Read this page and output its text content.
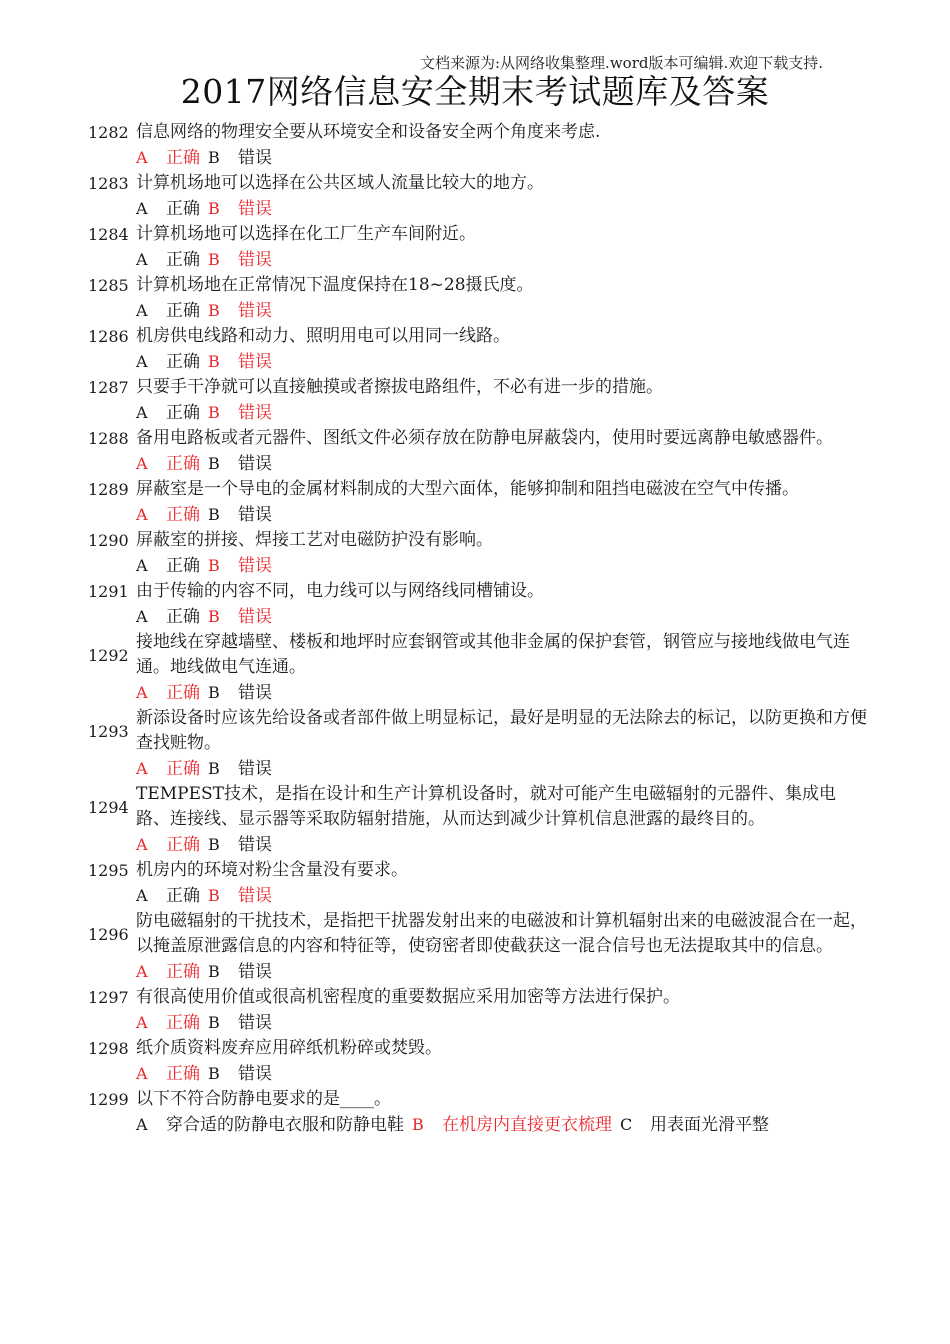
文档来源为:从网络收集整理.word版本可编辑.欢迎下载支持.
2017网络信息安全期末考试题库及答案
1282 信息网络的物理安全要从环境安全和设备安全两个角度来考虑.
A 正确 B 错误
1283 计算机场地可以选择在公共区域人流量比较大的地方。
A 正确 B 错误
1284 计算机场地可以选择在化工厂生产车间附近。
A 正确 B 错误
1285 计算机场地在正常情况下温度保持在18~28摄氏度。
A 正确 B 错误
1286 机房供电线路和动力、照明用电可以用同一线路。
A 正确 B 错误
1287 只要手干净就可以直接触摸或者擦拔电路组件，不必有进一步的措施。
A 正确 B 错误
1288 备用电路板或者元器件、图纸文件必须存放在防静电屏蔽袋内，使用时要远离静电敏感器件。
A 正确 B 错误
1289 屏蔽室是一个导电的金属材料制成的大型六面体，能够抑制和阻挡电磁波在空气中传播。
A 正确 B 错误
1290 屏蔽室的拼接、焊接工艺对电磁防护没有影响。
A 正确 B 错误
1291 由于传输的内容不同，电力线可以与网络线同槽铺设。
A 正确 B 错误
1292
接地线在穿越墙壁、楼板和地坪时应套钢管或其他非金属的保护套管，钢管应与接地线做电气连通。地线做电气连通。
A 正确 B 错误
1293
新添设备时应该先给设备或者部件做上明显标记，最好是明显的无法除去的标记，以防更换和方便查找赃物。
A 正确 B 错误
1294
TEMPEST技术，是指在设计和生产计算机设备时，就对可能产生电磁辐射的元器件、集成电路、连接线、显示器等采取防辐射措施，从而达到减少计算机信息泄露的最终目的。
A 正确 B 错误
1295 机房内的环境对粉尘含量没有要求。
A 正确 B 错误
1296
防电磁辐射的干扰技术，是指把干扰器发射出来的电磁波和计算机辐射出来的电磁波混合在一起，以掩盖原泄露信息的内容和特征等，使窃密者即使截获这一混合信号也无法提取其中的信息。
A 正确 B 错误
1297 有很高使用价值或很高机密程度的重要数据应采用加密等方法进行保护。
A 正确 B 错误
1298 纸介质资料废弃应用碎纸机粉碎或焚毁。
A 正确 B 错误
1299 以下不符合防静电要求的是____。
A 穿合适的防静电衣服和防静电鞋 B 在机房内直接更衣梳理 C 用表面光滑平整
